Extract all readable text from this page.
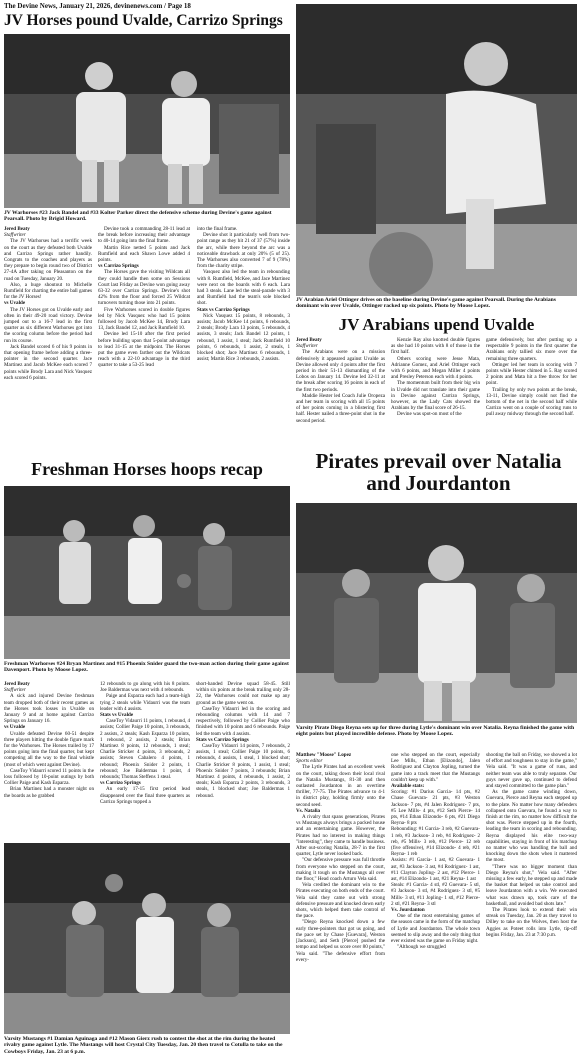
The Devine News, January 21, 2026, devinenews.com / Page 18
JV Horses pound Uvalde, Carrizo Springs
JV Warhorses #23 Jack Bandel and #33 Kolter Parker direct the defensive scheme during Devine's game against Pearsall. Photo by Brigid Howard.

Jered Beaty

Staffwriter

The JV Warhorses had a terrific week on the court as they defeated both Uvalde and Carrizo Springs rather handily. Congrats to the coaches and players as they prepare to begin round two of District 27-4A after taking on Pleasanton on the road on Tuesday, January 20.

Also, a huge shoutout to Michelle Rumfield for charting the entire ball games for the JV Horses!

vs Uvalde

The JV Horses got on Uvalde early and often in their 49-20 road victory. Devine jumped out to a 16-7 lead in the first quarter as six different Warhorses got into the scoring column before the period had run its course.

Jack Bandel scored 6 of his 9 points in that opening frame before adding a three-pointer in the second quarter. Jace Martinez and Jacob McKee each scored 7 points while Brody Lara and Nick Vasquez each scored 6 points.

Devine took a commanding 28-11 lead at the break before increasing their advantage to 40-14 going into the final frame.

Martin Rice netted 5 points and Jack Rumfield and each Shawn Lowe added 4 points.

vs Carrizo Springs

The Horses gave the visiting Wildcats all they could handle then some on Sessions Court last Friday as Devine won going away 63-32 over Carrizo Springs. Devine's shot 42% from the floor and forced 25 Wildcat turnovers turning those into 21 points.

Five Warhorses scored in double figures led by Nick Vasquez who had 15 points followed by Jacob McKee 14, Brody Lara 13, Jack Bandel 12, and Jack Rumfield 10.

Devine led 15-10 after the first period before building upon that 5-point advantage to lead 31-15 at the midpoint. The Horses put the game even farther out the Wildcats reach with a 22-10 advantage in the third quarter to take a 53-25 lead

into the final frame.

Devine shot it particularly well from two-point range as they hit 21 of 37 (57%) inside the arc, while there beyond the arc was a noticeable drawback at only 20% (5 of 25). The Warhorses also converted 7 of 9 (78%) from the charity stripe.

Vasquez also led the team in rebounding with 8. Rumfield, McKee, and Jace Martinez were next on the boards with 6 each. Lara had 3 steals. Lane led the steal-parade with 3 and Rumfield had the team's sole blocked shot.

Stats vs Carrizo Springs

Nick Vasquez 15 points, 8 rebounds, 3 assists; Jacob McKee 14 points, 6 rebounds, 2 steals; Brody Lara 13 points, 5 rebounds, 4 assists, 3 steals; Jack Bandel 12 points, 1 rebound, 1 assist, 1 steal; Jack Rumfield 10 points, 6 rebounds, 1 assist, 2 steals, 1 blocked shot; Jace Martinez 6 rebounds, 1 assist; Martin Rice 3 rebounds, 2 assists.

JV Arabian Ariel Ottinger drives on the baseline during Devine's game against Pearsall. During the Arabians dominant win over Uvalde, Ottinger racked up six points. Photo by Moose Lopez.
JV Arabians upend Uvalde

Jered Beaty

Staffwriter

The Arabians were on a mission defensively it appeared against Uvalde as Devine allowed only 4 points after the first period in their 51-13 dismantling of the Lobos on January 14. Devine led 32-11 at the break after scoring 16 points in each of the first two periods.

Maddie Hester led Coach Julie Oropeza and her team in scoring with all 15 points of her points coming in a blistering first half. Hester nailed a three-point shot in the second period.

Kenzie Ray also knotted double figures as she had 10 points with 8 of those in the first half.

Others scoring were Jesse Mata, Adrianne Gomez, and Ariel Ottinger each with 6 points, and Megan Miller 4 points and Presley Peterson each with 4 points.

The momentum built from their big win in Uvalde did not translate into their game in Devine against Carrizo Springs, however, as the Lady Cats showed the Arabians by the final score of 26-15.

Devine was spot-on most of the

game defensively, but after putting up a respectable 9 points in the first quarter the Arabians only tallied six more over the remaining three quarters.

Ottinger led her team in scoring with 7 points while Hester chimed in 5. Ray scored 2 points and Mata hit a free throw for her point.

Trailing by only two points at the break, 13-11, Devine simply could not find the bottom of the net in the second half while Carrizo went on a couple of scoring runs to pull away midway through the second half.

Freshman Horses hoops recap
Freshman Warhorses #24 Bryan Martinez and #15 Phoenix Snider guard the two-man action during their game against Davenport. Photo by Moose Lopez.

Jered Beaty

Staffwriter

A sick and injured Devine freshman team dropped both of their recent games as the Horses took losses in Uvalde on January 9 and at home against Carrizo Springs on January 16.

vs Uvalde

Uvalde defeated Devine 60-51 despite three players hitting the double figure mark for the Warhorses. The Horses trailed by 17 points going into the final quarter, but kept competing all the way to the final whistle (most of which went against Devine).

CaseToy Vidaurri scored 11 points in the loss followed by 10-point outings by both Collier Paige and Kash Esparza.

Brian Martinez had a monster night on the boards as he grabbed

12 rebounds to go along with his 8 points. Joe Baldermas was next with 4 rebounds.

Paige and Esparza each had a team-high tying 2 steals while Vidaurri was the team leader with 4 assists.

Stats vs Uvalde

CaseToy Vidaurri 11 points, 1 rebound, 4 assists; Collier Paige 10 points, 3 rebounds, 2 assists, 2 steals; Kash Esparza 10 points, 1 rebound, 2 assists, 2 steals; Brian Martinez 8 points, 12 rebounds, 1 steal; Charlie Stricker 4 points, 3 rebounds, 2 assists; Steven Cabalero 4 points, 1 rebound; Phoenix Snider 2 points, 1 rebound; Joe Baldermas 1 point, 4 rebounds; Thomas Steffens 1 steal.

vs Carrizo Springs

An early 17-15 first period lead disappeared over the final three quarters as Carrizo Springs topped a

short-handed Devine squad 58-45. Still within six points at the break trailing only 28-22, the Warhorses could not make up any ground as the game went on.

CaseToy Vidaurri led in the scoring and rebounding columns with 14 and 7 respectively, followed by Collier Paige who finished with 10 points and 6 rebounds. Paige led the team with 4 assists.

Stats vs Carrizo Springs

CaseToy Vidaurri 14 points, 7 rebounds, 2 assists, 1 steal; Collier Paige 10 points, 6 rebounds, 4 assists, 1 steal, 1 blocked shot; Charlie Stricker 8 points, 1 assist, 1 steal; Phoenix Snider 7 points, 3 rebounds; Brian Martinez 4 points, 4 rebounds, 1 assist, 2 steals; Kash Esparza 2 points, 3 rebounds, 3 steals, 1 blocked shot; Joe Baldermas 1 rebound.

Varsity Mustangs #1 Damian Aguinaga and #12 Mason Gierz rush to contest the shot at the rim during the heated rivalry game against Lytle. The Mustangs will host Crystal City Tuesday, Jan. 20 then travel to Cotulla to take on the Cowboys Friday, Jan. 23 at 6 p.m.
Pirates prevail over Natalia and Jourdanton
Varsity Pirate Diego Reyna sets up for three during Lytle's dominant win over Natalia. Reyna finished the game with eight points but played incredible defense. Photo by Moose Lopez.

Matthew "Moose" Lopez

Sports editor

The Lytle Pirates had an excellent week on the court, taking down their local rival the Natalia Mustangs, 81-30 and then outlasted Jourdanton in an overtime thriller, 77-75. The Pirates advance to 4-1 in district play, holding firmly onto the second seed.

Vs. Natalia

A rivalry that spans generations, Pirates vs Mustangs always brings a packed house and an entertaining game. However, the Pirates had no interest in making things "interesting", they came to handle business. After out-scoring Natalia, 28-7 in the first quarter, Lytle never looked back.

"Our defensive pressure was full throttle from everyone who stepped on the court, making it tough on the Mustangs all over the floor," Head coach Arturo Vela said.

Vela credited the dominant win to the Pirates executing on both ends of the court. Vela said they came out with strong defensive pressure and knocked down early shots, which helped them take control of the pace.

"Diego Reyna knocked down a few early three-pointers that got us going, and the pace set by Chase [Guevara], Weston [Jackson], and Seth [Pierce] pushed the tempo and helped us score over 80 points," Vela said. "The defensive effort from every-

one who stepped on the court, especially Lee Mills, Ethan [Elizondo], Jalen Rodriguez and Clayton Jopling, turned the game into a track meet that the Mustangs couldn't keep up with."

Available stats:

Scoring: #1 Darius Garcia- 14 pts, #2 Chase Guevara- 21 pts, #3 Weston Jackson- 7 pts, #4 Jalen Rodriguez- 7 pts, #5 Lee Mills- 4 pts, #12 Seth Pierce- 14 pts, #14 Ethan Elizondo- 6 pts, #21 Diego Reyna- 8 pts

Rebounding: #1 Garcia- 3 reb, #2 Guevara- 1 reb, #3 Jackson- 3 reb, #4 Rodriguez- 2 reb, #5 Mills- 3 reb, #12 Pierce- 12 reb (five offensive), #14 Elizondo- 4 reb, #21 Reyna- 1 reb

Assists: #1 Garcia- 1 ast, #2 Guevara- 1 ast, #3 Jackson- 3 ast, #4 Rodriguez- 1 ast, #11 Clayton Jopling- 2 ast, #12 Pierce- 1 ast, #14 Elizondo- 1 ast, #21 Reyna- 1 ast

Steals: #1 Garcia- 4 stl, #2 Guevara- 5 stl, #3 Jackson- 3 stl, #4 Rodriguez- 3 stl, #5 Mills- 3 stl, #11 Jopling- 1 stl, #12 Pierce- 2 stl, #21 Reyna- 3 stl

Vs. Jourdanton

One of the most entertaining games of the season came in the form of the matchup of Lytle and Jourdanton. The whole town seemed to slip away and the only thing that ever existed was the game on Friday night.

"Although we struggled

shooting the ball on Friday, we showed a lot of effort and toughness to stay in the game," Vela said. "It was a game of runs, and neither team was able to truly separate. Our guys never gave up, continued to defend and stayed committed to the game plan."

As the game came winding down, Guevara, Pierce and Reyna each stepped up to the plate. No matter how many defenders collapsed onto Guevara, he found a way to finish at the rim, no matter how difficult the shot was. Pierce stepped up in the fourth, leading the team in scoring and rebounding. Reyna displayed his elite two-way capabilities, staying in front of his matchup no matter who was handling the ball and knocking down the shots when it mattered the most.

"There was no bigger moment than Diego Reyna's shot," Vela said. "After missing a few early, he stepped up and made the basket that helped us take control and leave Jourdanton with a win. We executed what was drawn up, took care of the basketball, and avoided bad shots late."

The Pirates look to extend their win streak on Tuesday, Jan. 20 as they travel to Dilley to take on the Wolves, then host the Aggies as Poteet rolls into Lytle, tip-off begins Friday, Jan. 23 at 7:30 p.m.
